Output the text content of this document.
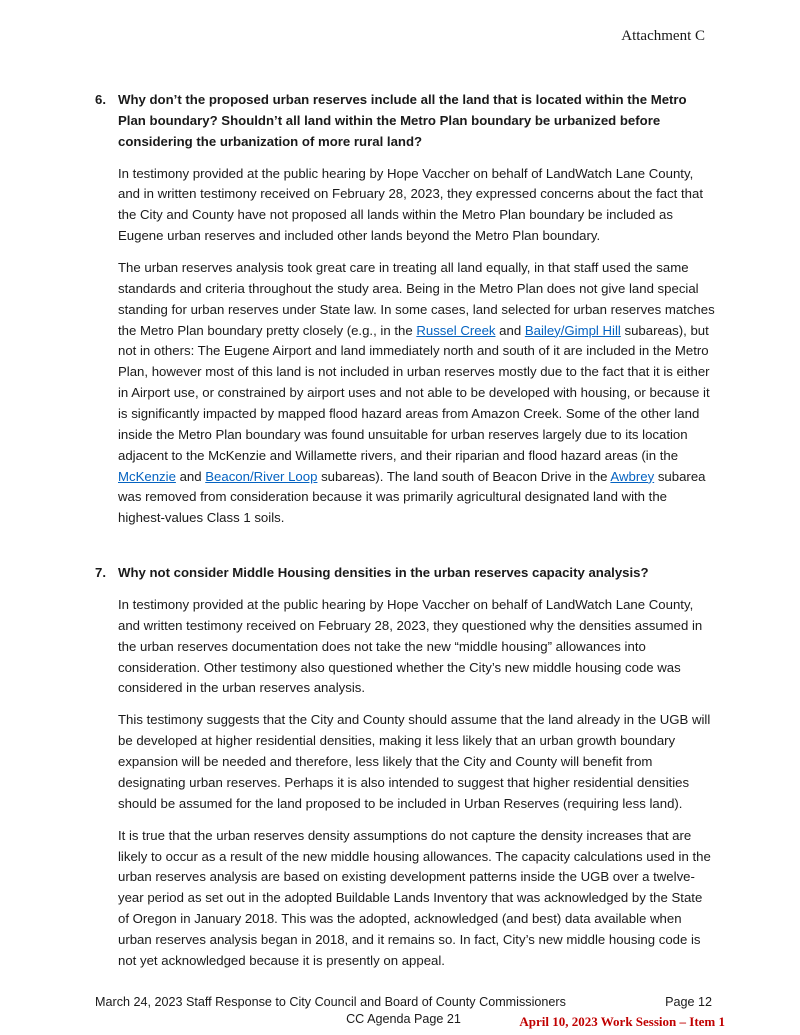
Attachment C
6. Why don’t the proposed urban reserves include all the land that is located within the Metro Plan boundary? Shouldn’t all land within the Metro Plan boundary be urbanized before considering the urbanization of more rural land?

In testimony provided at the public hearing by Hope Vaccher on behalf of LandWatch Lane County, and in written testimony received on February 28, 2023, they expressed concerns about the fact that the City and County have not proposed all lands within the Metro Plan boundary be included as Eugene urban reserves and included other lands beyond the Metro Plan boundary.

The urban reserves analysis took great care in treating all land equally, in that staff used the same standards and criteria throughout the study area. Being in the Metro Plan does not give land special standing for urban reserves under State law. In some cases, land selected for urban reserves matches the Metro Plan boundary pretty closely (e.g., in the Russel Creek and Bailey/Gimpl Hill subareas), but not in others: The Eugene Airport and land immediately north and south of it are included in the Metro Plan, however most of this land is not included in urban reserves mostly due to the fact that it is either in Airport use, or constrained by airport uses and not able to be developed with housing, or because it is significantly impacted by mapped flood hazard areas from Amazon Creek. Some of the other land inside the Metro Plan boundary was found unsuitable for urban reserves largely due to its location adjacent to the McKenzie and Willamette rivers, and their riparian and flood hazard areas (in the McKenzie and Beacon/River Loop subareas). The land south of Beacon Drive in the Awbrey subarea was removed from consideration because it was primarily agricultural designated land with the highest-values Class 1 soils.

7. Why not consider Middle Housing densities in the urban reserves capacity analysis?

In testimony provided at the public hearing by Hope Vaccher on behalf of LandWatch Lane County, and written testimony received on February 28, 2023, they questioned why the densities assumed in the urban reserves documentation does not take the new “middle housing” allowances into consideration. Other testimony also questioned whether the City’s new middle housing code was considered in the urban reserves analysis.

This testimony suggests that the City and County should assume that the land already in the UGB will be developed at higher residential densities, making it less likely that an urban growth boundary expansion will be needed and therefore, less likely that the City and County will benefit from designating urban reserves. Perhaps it is also intended to suggest that higher residential densities should be assumed for the land proposed to be included in Urban Reserves (requiring less land).

It is true that the urban reserves density assumptions do not capture the density increases that are likely to occur as a result of the new middle housing allowances. The capacity calculations used in the urban reserves analysis are based on existing development patterns inside the UGB over a twelve-year period as set out in the adopted Buildable Lands Inventory that was acknowledged by the State of Oregon in January 2018. This was the adopted, acknowledged (and best) data available when urban reserves analysis began in 2018, and it remains so. In fact, City’s new middle housing code is not yet acknowledged because it is presently on appeal.

March 24, 2023 Staff Response to City Council and Board of County Commissioners	Page 12
CC Agenda Page 21	April 10, 2023 Work Session – Item 1
